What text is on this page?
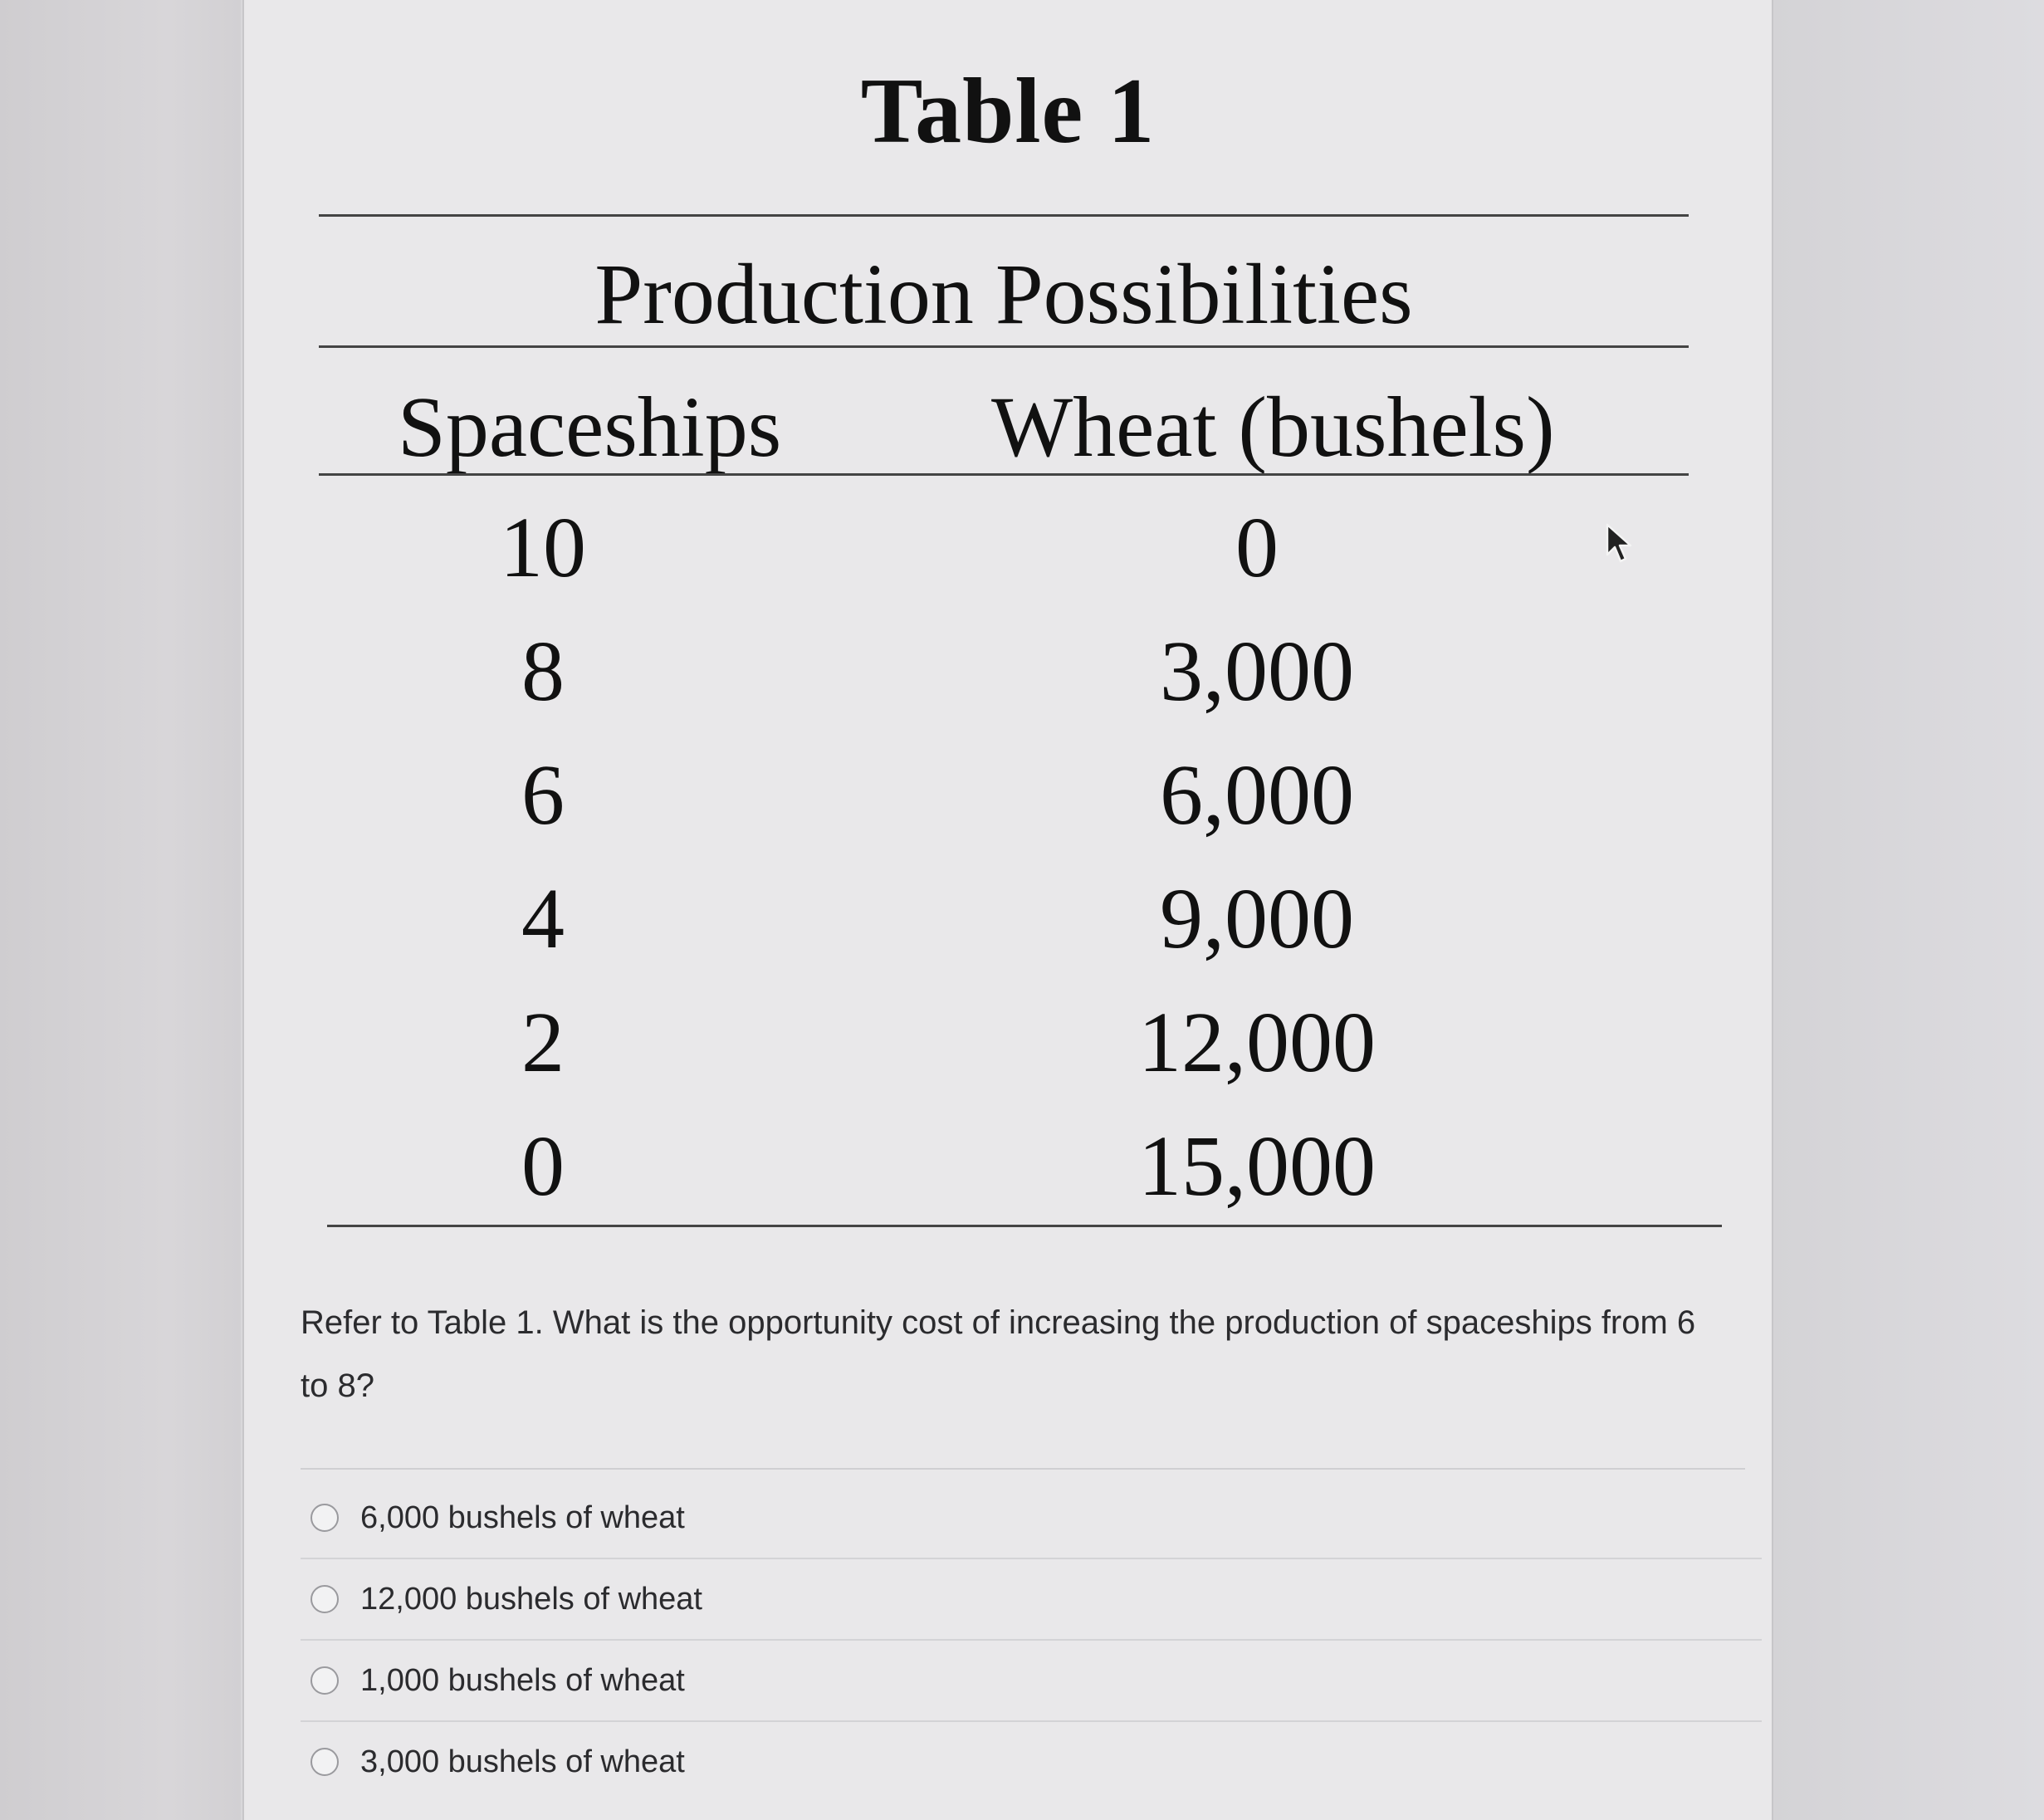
Table 1
Production Possibilities
Spaceships Wheat (bushels)
10	0
8	3,000
6	6,000
4	9,000
2	12,000
0	15,000
Refer to Table 1. What is the opportunity cost of increasing the production of spaceships from 6 to 8?
6,000 bushels of wheat
12,000 bushels of wheat
1,000 bushels of wheat
3,000 bushels of wheat
